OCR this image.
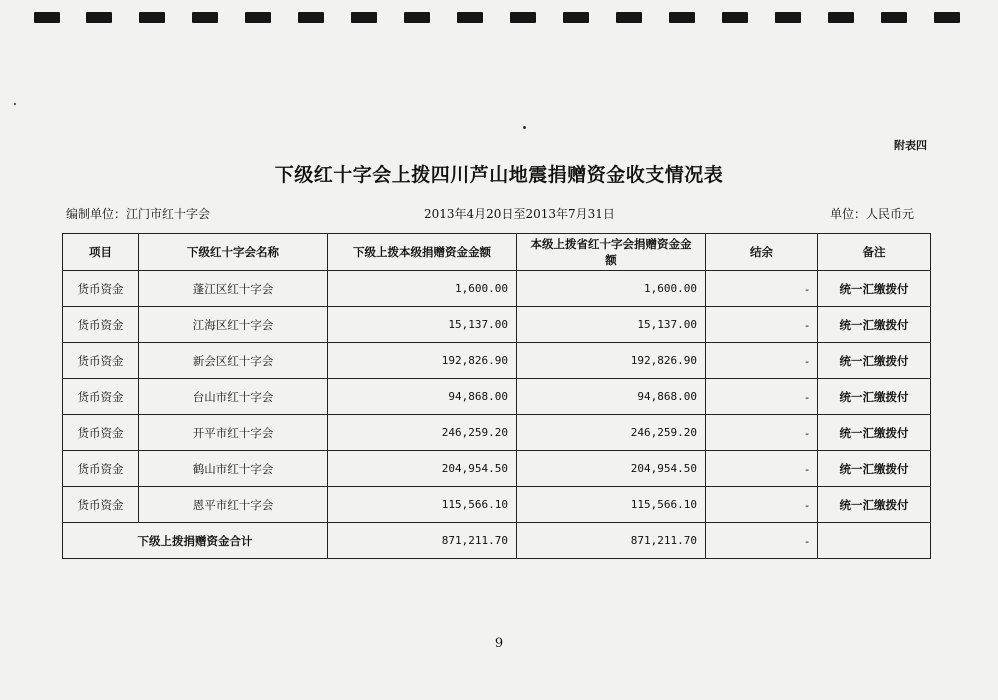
附表四
下级红十字会上拨四川芦山地震捐赠资金收支情况表
编制单位：江门市红十字会	2013年4月20日至2013年7月31日	单位：人民币元
项目	下级红十字会名称	下级上拨本级捐赠资金金额	本级上拨省红十字会捐赠资金金额	结余	备注
货币资金	蓬江区红十字会	1,600.00	1,600.00	-	统一汇缴拨付
货币资金	江海区红十字会	15,137.00	15,137.00	-	统一汇缴拨付
货币资金	新会区红十字会	192,826.90	192,826.90	-	统一汇缴拨付
货币资金	台山市红十字会	94,868.00	94,868.00	-	统一汇缴拨付
货币资金	开平市红十字会	246,259.20	246,259.20	-	统一汇缴拨付
货币资金	鹤山市红十字会	204,954.50	204,954.50	-	统一汇缴拨付
货币资金	恩平市红十字会	115,566.10	115,566.10	-	统一汇缴拨付
下级上拨捐赠资金合计		871,211.70	871,211.70	-	
9
